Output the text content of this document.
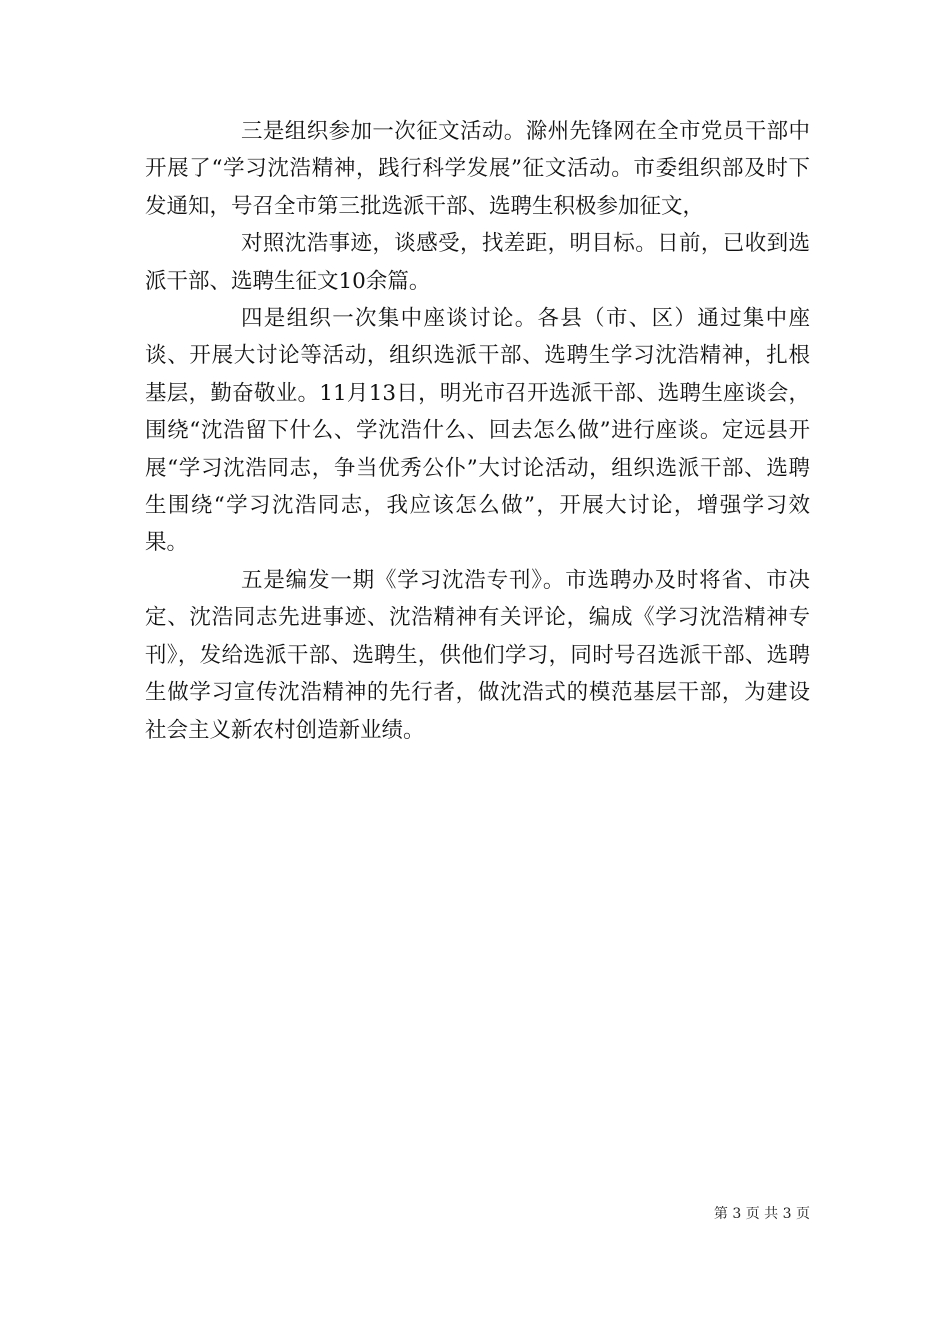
三是组织参加一次征文活动。滁州先锋网在全市党员干部中开展了“学习沈浩精神，践行科学发展”征文活动。市委组织部及时下发通知，号召全市第三批选派干部、选聘生积极参加征文，

对照沈浩事迹，谈感受，找差距，明目标。日前，已收到选派干部、选聘生征文10余篇。

四是组织一次集中座谈讨论。各县（市、区）通过集中座谈、开展大讨论等活动，组织选派干部、选聘生学习沈浩精神，扎根基层，勤奋敬业。11月13日，明光市召开选派干部、选聘生座谈会，围绕“沈浩留下什么、学沈浩什么、回去怎么做”进行座谈。定远县开展“学习沈浩同志，争当优秀公仆”大讨论活动，组织选派干部、选聘生围绕“学习沈浩同志，我应该怎么做”，开展大讨论，增强学习效果。

五是编发一期《学习沈浩专刊》。市选聘办及时将省、市决定、沈浩同志先进事迹、沈浩精神有关评论，编成《学习沈浩精神专刊》，发给选派干部、选聘生，供他们学习，同时号召选派干部、选聘生做学习宣传沈浩精神的先行者，做沈浩式的模范基层干部，为建设社会主义新农村创造新业绩。

第 3 页 共 3 页
